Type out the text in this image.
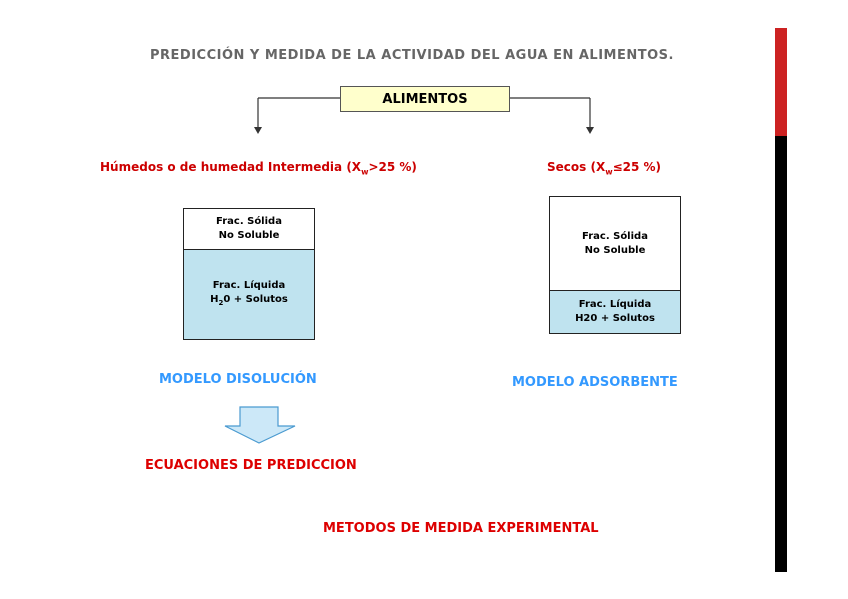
PREDICCIÓN Y MEDIDA DE LA ACTIVIDAD DEL AGUA EN ALIMENTOS.
ALIMENTOS
Húmedos o de humedad Intermedia ($X_w>25$ %)	Secos ($X_w\le 25$ %)
Frac. Sólida
No Soluble
Frac. Líquida
$H_20$ + Solutos
Frac. Sólida
No Soluble
Frac. Líquida
H20 + Solutos
MODELO DISOLUCIÓN	MODELO ADSORBENTE
ECUACIONES DE PREDICCION
METODOS DE MEDIDA EXPERIMENTAL
